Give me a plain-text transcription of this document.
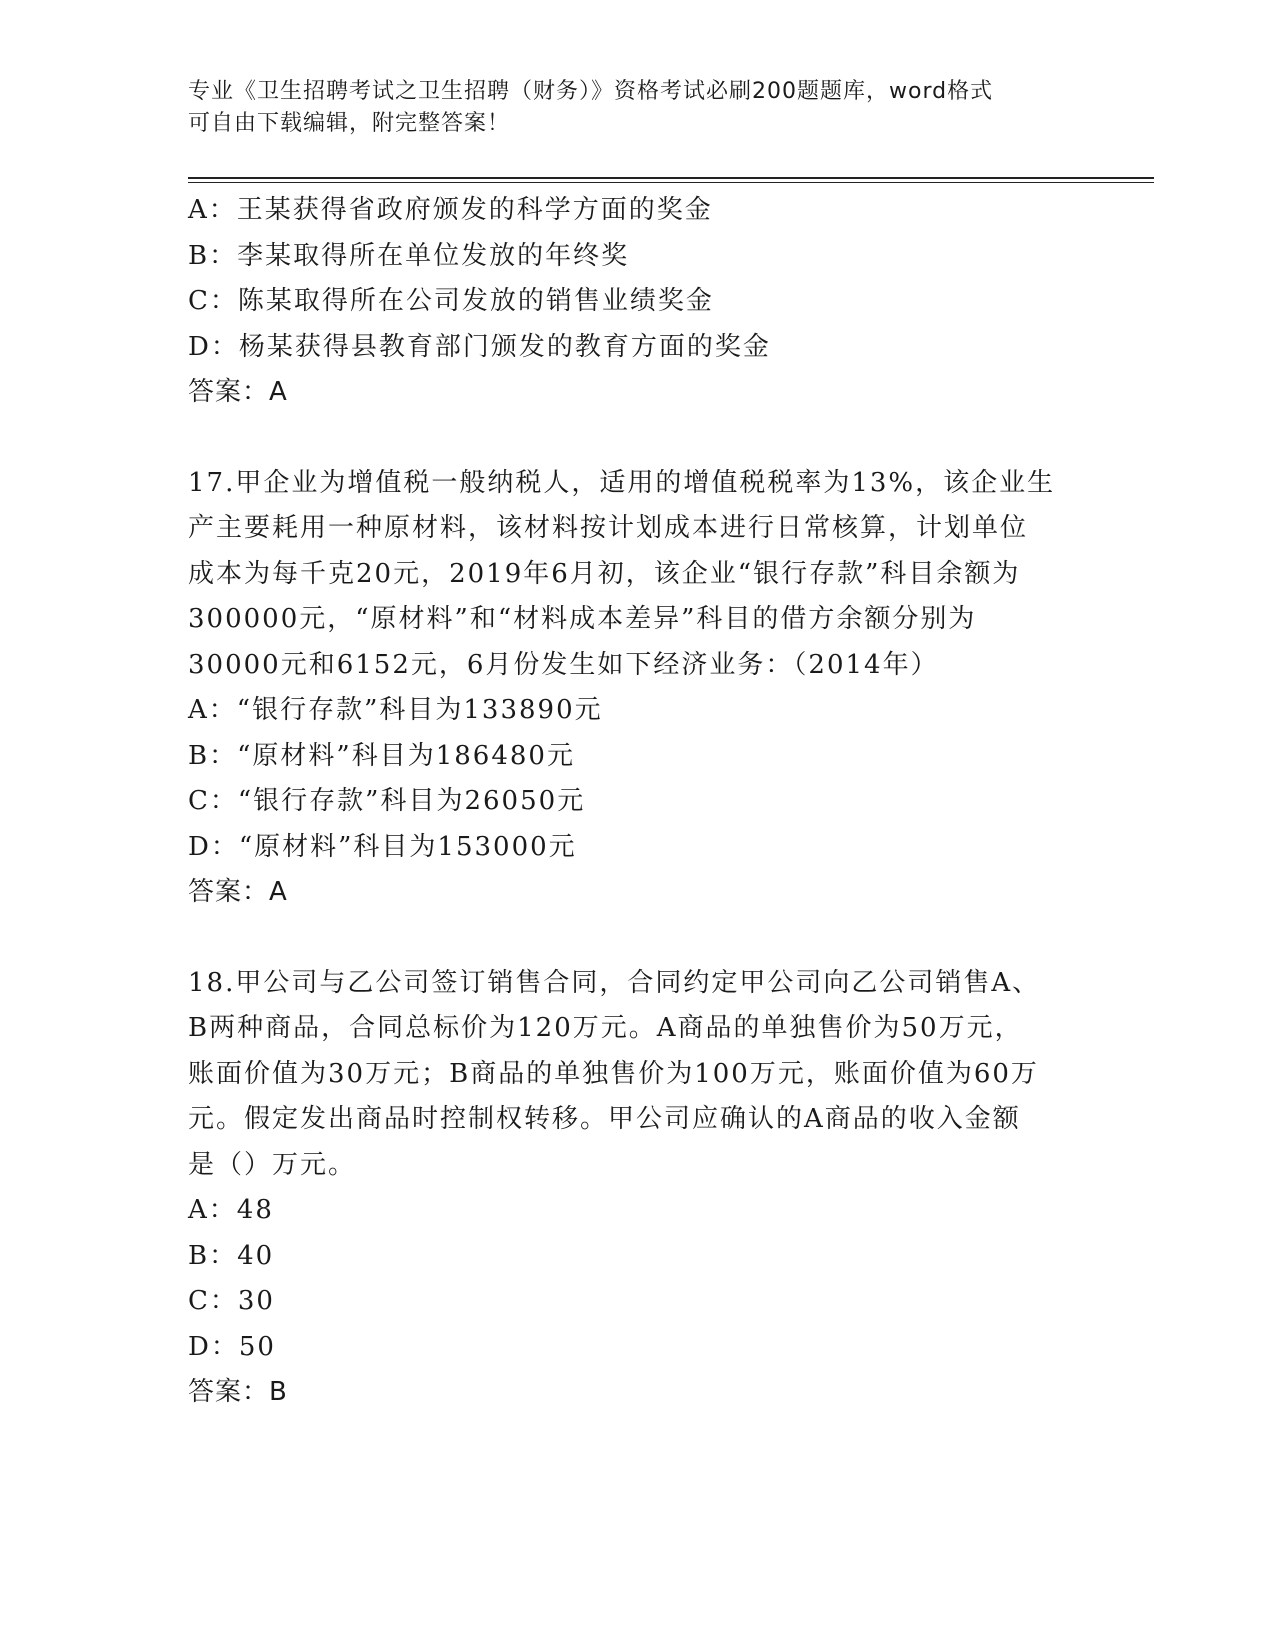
专业《卫生招聘考试之卫生招聘（财务）》资格考试必刷200题题库，word格式
可自由下载编辑，附完整答案！
A：王某获得省政府颁发的科学方面的奖金
B：李某取得所在单位发放的年终奖
C：陈某取得所在公司发放的销售业绩奖金
D：杨某获得县教育部门颁发的教育方面的奖金
答案：A
17.甲企业为增值税一般纳税人，适用的增值税税率为13%，该企业生
产主要耗用一种原材料，该材料按计划成本进行日常核算，计划单位
成本为每千克20元，2019年6月初，该企业“银行存款”科目余额为
300000元，“原材料”和“材料成本差异”科目的借方余额分别为
30000元和6152元，6月份发生如下经济业务：（2014年）
A：“银行存款”科目为133890元
B：“原材料”科目为186480元
C：“银行存款”科目为26050元
D：“原材料”科目为153000元
答案：A
18.甲公司与乙公司签订销售合同，合同约定甲公司向乙公司销售A、
B两种商品，合同总标价为120万元。A商品的单独售价为50万元，
账面价值为30万元；B商品的单独售价为100万元，账面价值为60万
元。假定发出商品时控制权转移。甲公司应确认的A商品的收入金额
是（）万元。
A：48
B：40
C：30
D：50
答案：B
